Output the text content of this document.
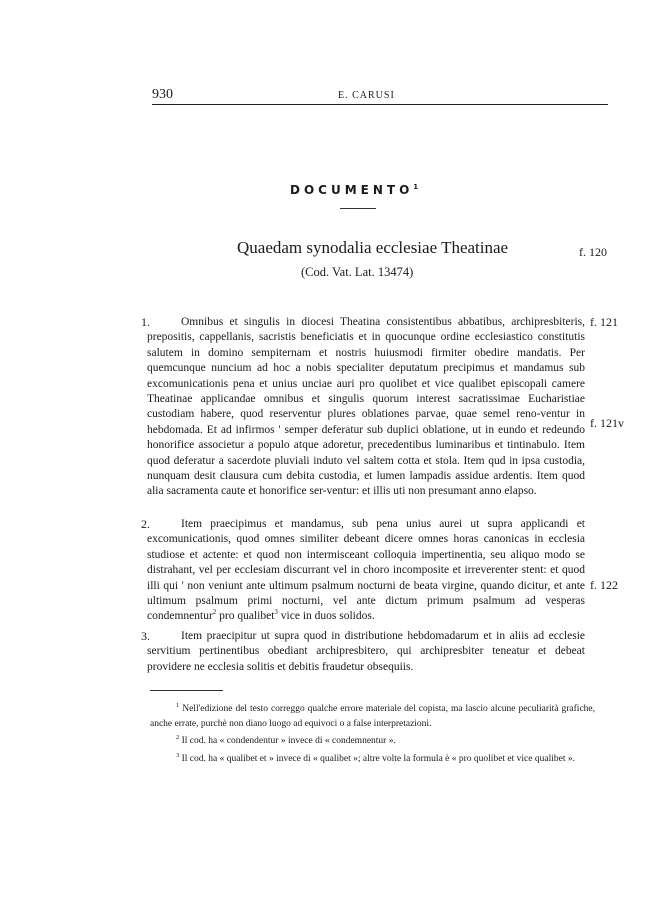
930	E. CARUSI
DOCUMENTO$^1$
Quaedam synodalia ecclesiae Theatinae
(Cod. Vat. Lat. 13474)
f. 120
f. 121
f. 121v
f. 122
1.	Omnibus et singulis in diocesi Theatina consistentibus abbatibus, archipresbiteris, prepositis, cappellanis, sacristis beneficiatis et in quocunque ordine ecclesiastico constitutis salutem in domino sempiternam et nostris huiusmodi firmiter obedire mandatis. Per quemcunque nuncium ad hoc a nobis specialiter deputatum precipimus et mandamus sub excomunicationis pena et unius unciae auri pro quolibet et vice qualibet episcopali camere Theatinae applicandae omnibus et singulis quorum interest sacratissimae Eucharistiae custodiam habere, quod reserventur plures oblationes parvae, quae semel reno-ventur in hebdomada. Et ad infirmos ' semper deferatur sub duplici oblatione, ut in eundo et redeundo honorifice associetur a populo atque adoretur, precedentibus luminaribus et tintinabulo. Item quod deferatur a sacerdote pluviali induto vel saltem cotta et stola. Item qud in ipsa custodia, nunquam desit clausura cum debita custodia, et lumen lampadis assidue ardentis. Item quod alia sacramenta caute et honorifice ser-ventur: et illis uti non presumant anno elapso.
2.	Item praecipimus et mandamus, sub pena unius aurei ut supra applicandi et excomunicationis, quod omnes similiter debeant dicere omnes horas canonicas in ecclesia studiose et actente: et quod non intermisceant colloquia impertinentia, seu aliquo modo se distrahant, vel per ecclesiam discurrant vel in choro incomposite et irreverenter stent: et quod illi qui ' non veniunt ante ultimum psalmum nocturni de beata virgine, quando dicitur, et ante ultimum psalmum primi nocturni, vel ante dictum primum psalmum ad vesperas condemnentur$^2$ pro qualibet$^3$ vice in duos solidos.
3.	Item praecipitur ut supra quod in distributione hebdomadarum et in aliis ad ecclesie servitium pertinentibus obediant archipresbitero, qui archipresbiter teneatur et debeat providere ne ecclesia solitis et debitis fraudetur obsequiis.

$^1$ Nell'edizione del testo correggo qualche errore materiale del copista, ma lascio alcune peculiarità grafiche, anche errate, purchè non diano luogo ad equivoci o a false interpretazioni.

$^2$ Il cod. ha « condendentur » invece di « condemnentur ».

$^3$ Il cod. ha « qualibet et » invece di « qualibet »; altre volte la formula è « pro quolibet et vice qualibet ».
